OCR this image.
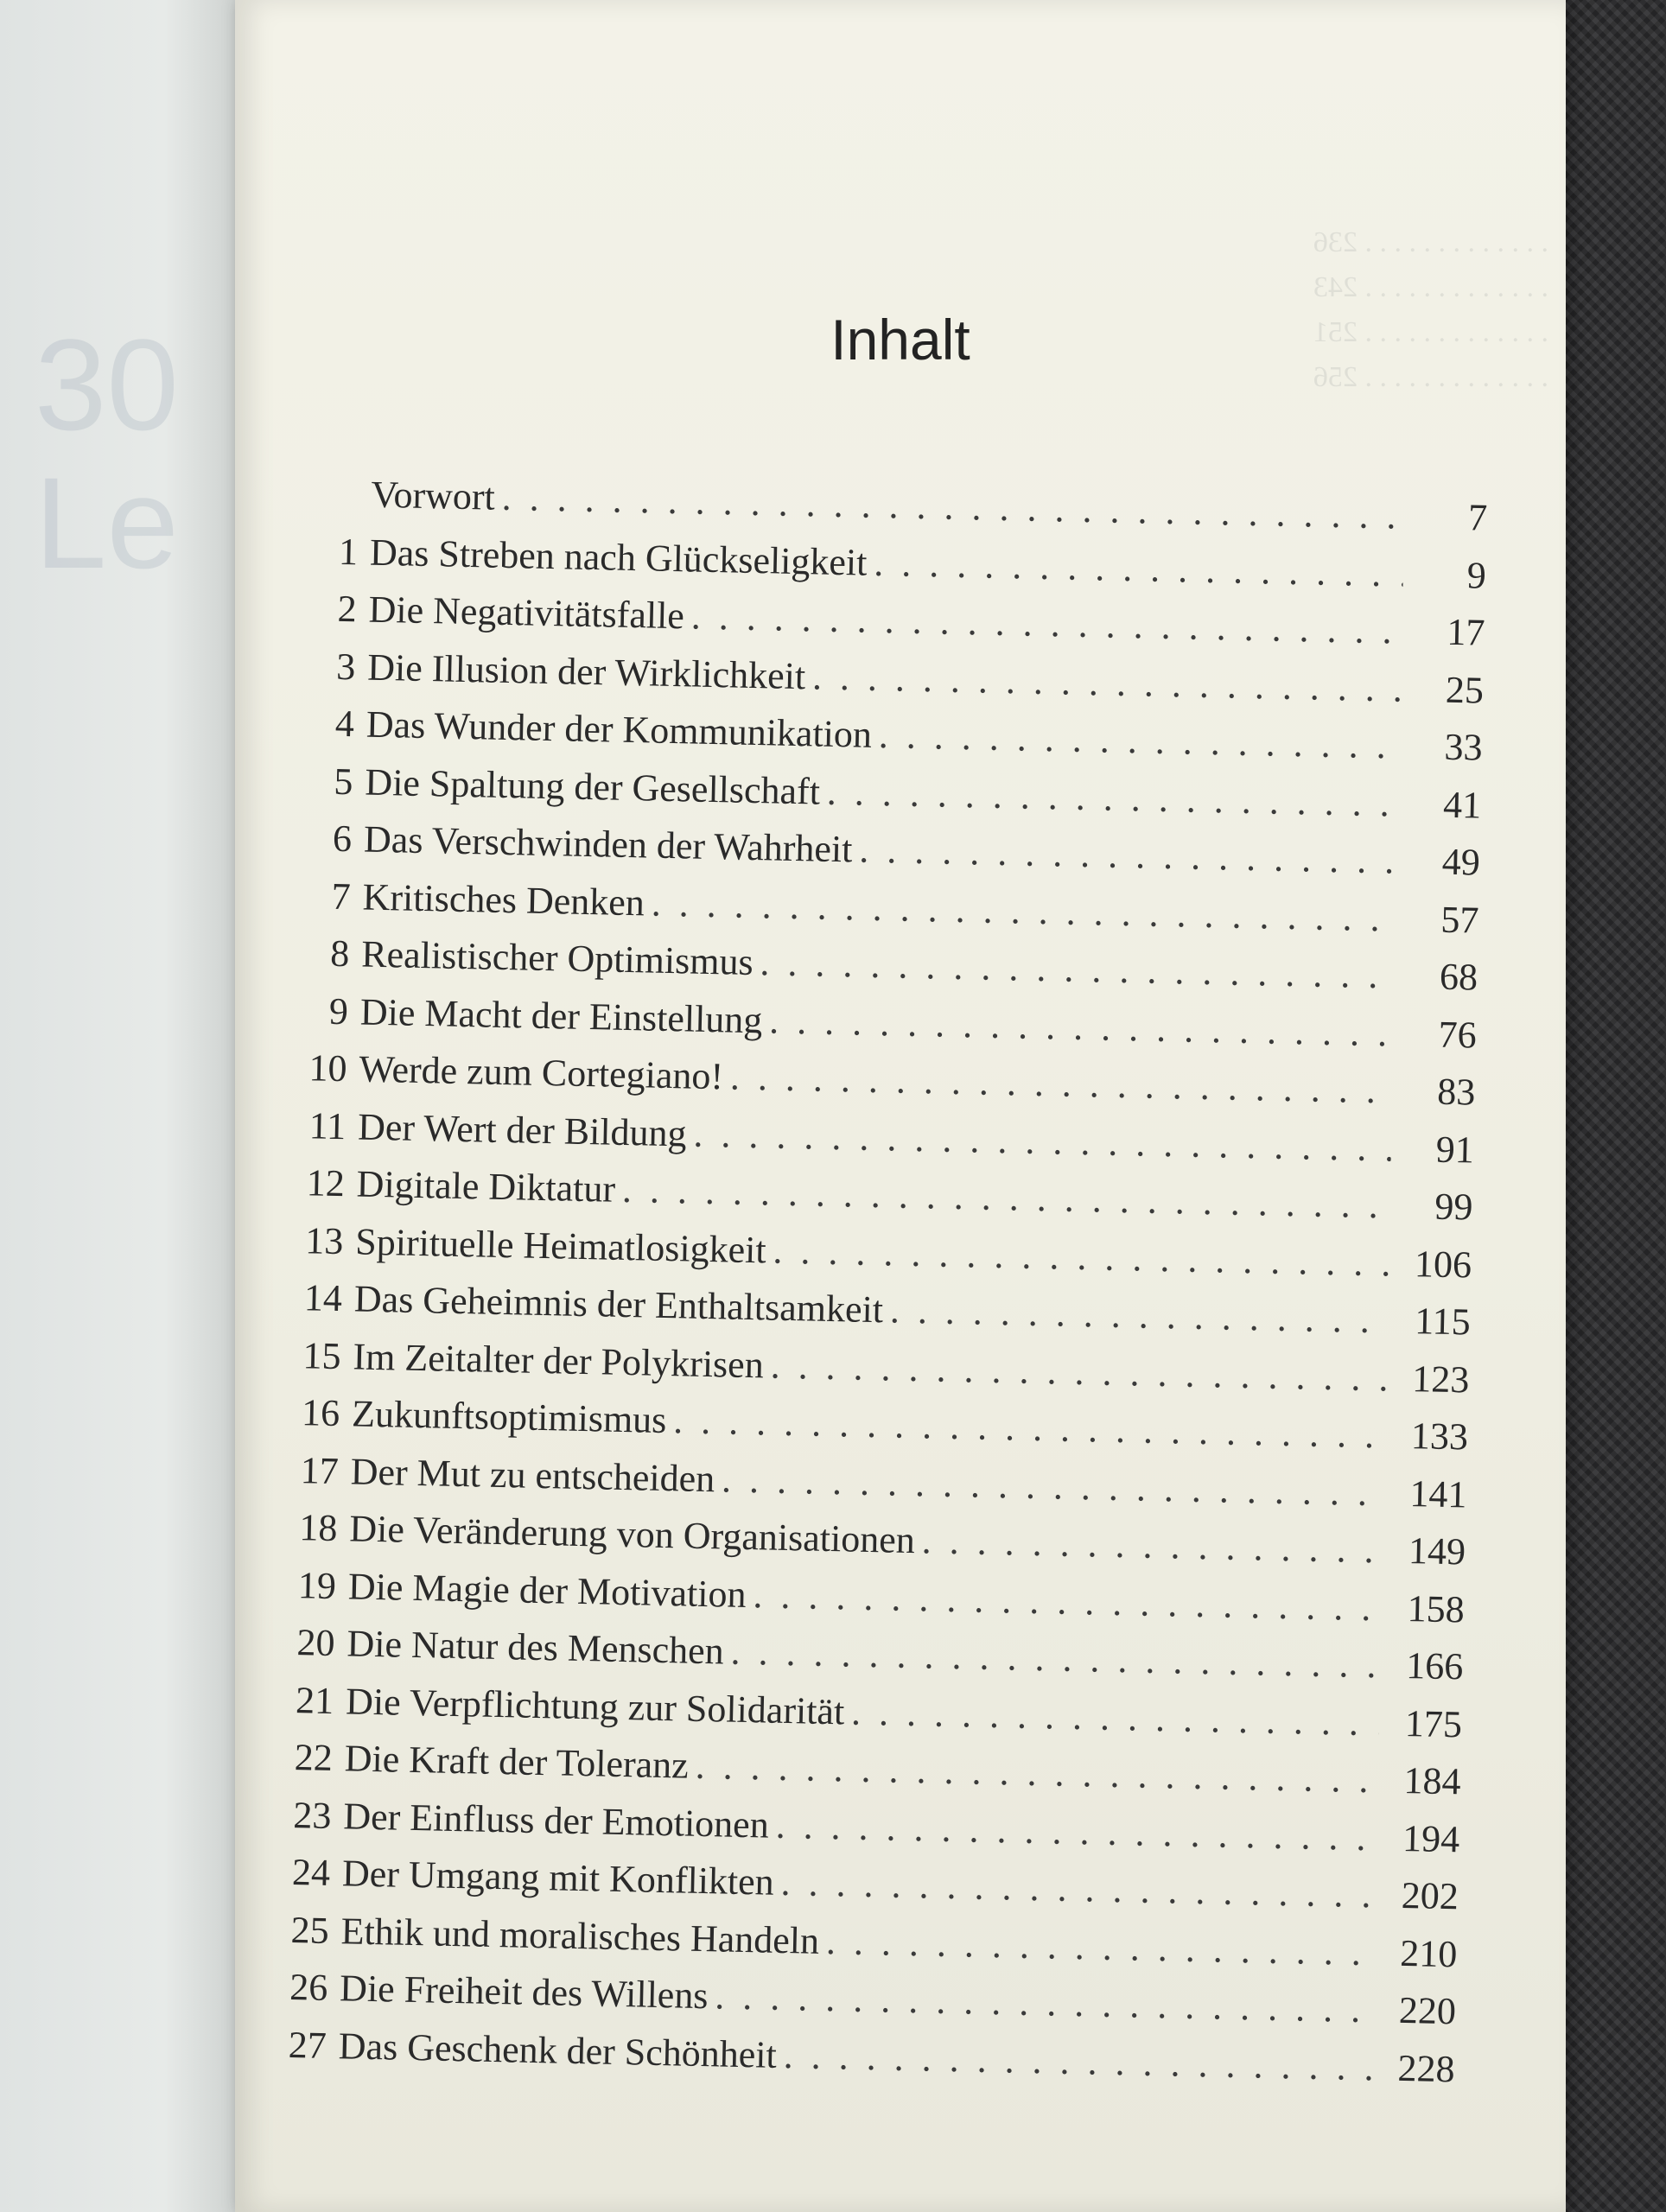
30
Le
. . . . . . . . . . . . . 236
. . . . . . . . . . . . . 243
. . . . . . . . . . . . . 251
. . . . . . . . . . . . . 256
Inhalt
Vorwort . . .	7
1 Das Streben nach Glückseligkeit . . .	9
2 Die Negativitätsfalle . . .	17
3 Die Illusion der Wirklichkeit . . .	25
4 Das Wunder der Kommunikation . . .	33
5 Die Spaltung der Gesellschaft . . .	41
6 Das Verschwinden der Wahrheit . . .	49
7 Kritisches Denken . . .	57
8 Realistischer Optimismus . . .	68
9 Die Macht der Einstellung . . .	76
10 Werde zum Cortegiano! . . .	83
11 Der Wert der Bildung . . .	91
12 Digitale Diktatur . . .	99
13 Spirituelle Heimatlosigkeit . . .	106
14 Das Geheimnis der Enthaltsamkeit . . .	115
15 Im Zeitalter der Polykrisen . . .	123
16 Zukunftsoptimismus . . .	133
17 Der Mut zu entscheiden . . .	141
18 Die Veränderung von Organisationen . . .	149
19 Die Magie der Motivation . . .	158
20 Die Natur des Menschen . . .	166
21 Die Verpflichtung zur Solidarität . . .	175
22 Die Kraft der Toleranz . . .	184
23 Der Einfluss der Emotionen . . .	194
24 Der Umgang mit Konflikten . . .	202
25 Ethik und moralisches Handeln . . .	210
26 Die Freiheit des Willens . . .	220
27 Das Geschenk der Schönheit . . .	228
